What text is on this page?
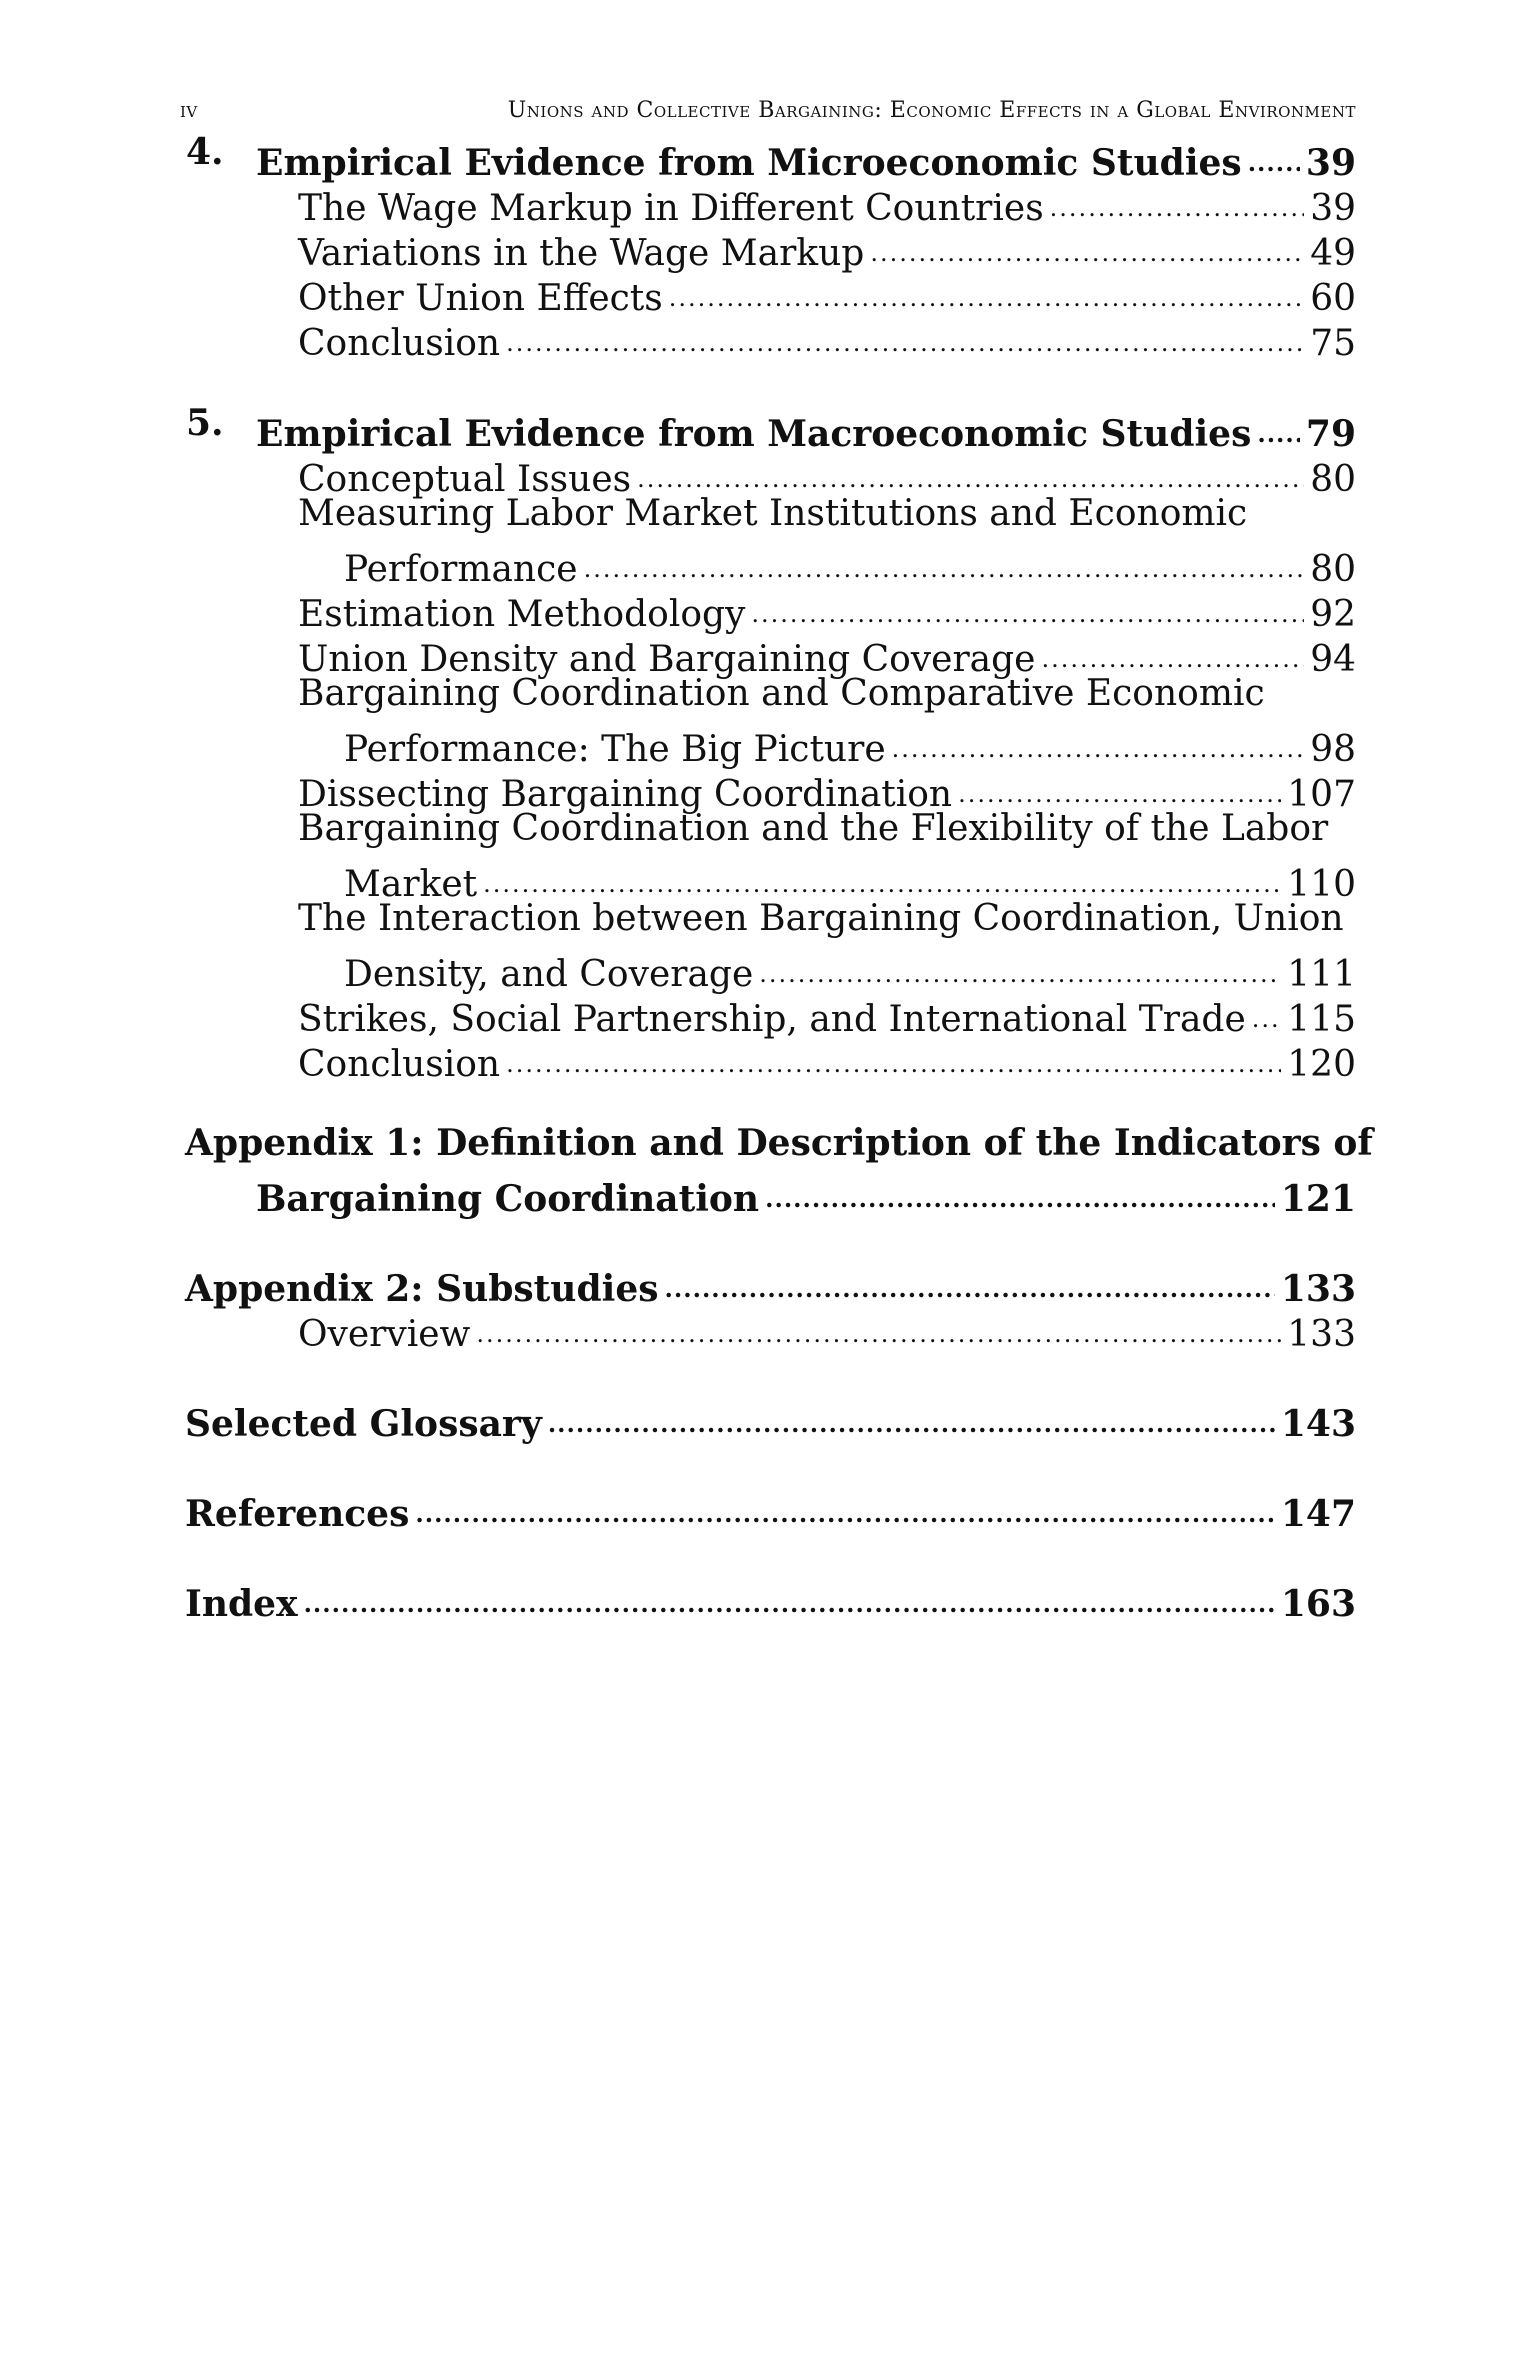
iv	Unions and Collective Bargaining: Economic Effects in a Global Environment
4. Empirical Evidence from Microeconomic Studies ..... 39
The Wage Markup in Different Countries .....	39
Variations in the Wage Markup .....	49
Other Union Effects .....	60
Conclusion .....	75
5. Empirical Evidence from Macroeconomic Studies ..... 79
Conceptual Issues .....	80
Measuring Labor Market Institutions and Economic
Performance .....	80
Estimation Methodology .....	92
Union Density and Bargaining Coverage .....	94
Bargaining Coordination and Comparative Economic
Performance: The Big Picture .....	98
Dissecting Bargaining Coordination .....	107
Bargaining Coordination and the Flexibility of the Labor
Market .....	110
The Interaction between Bargaining Coordination, Union
Density, and Coverage .....	111
Strikes, Social Partnership, and International Trade ..... 115
Conclusion .....	120
Appendix 1: Definition and Description of the Indicators of
Bargaining Coordination .....	121
Appendix 2: Substudies .....	133
Overview .....	133
Selected Glossary .....	143
References .....	147
Index .....	163
